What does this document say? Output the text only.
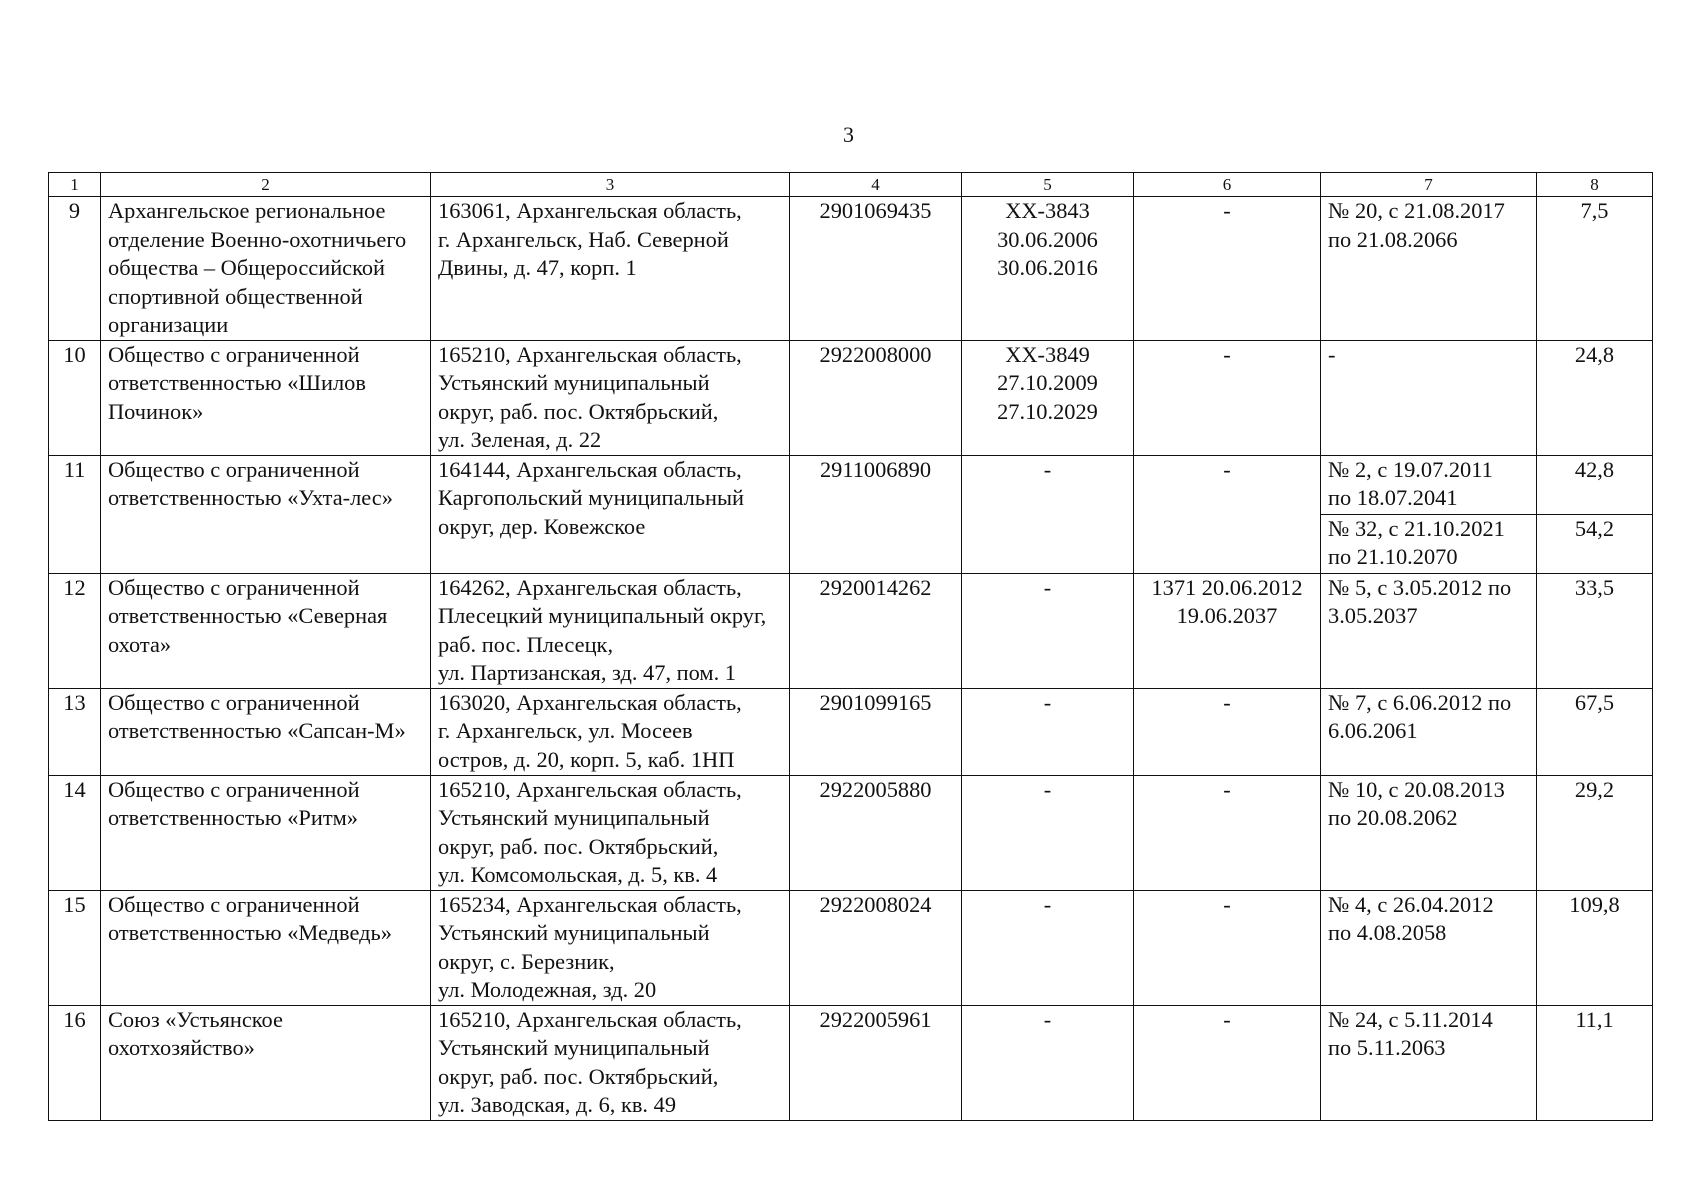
3
1	2	3	4	5	6	7	8
9	Архангельское региональное
отделение Военно-охотничьего
общества – Общероссийской
спортивной общественной
организации	163061, Архангельская область,
г. Архангельск, Наб. Северной
Двины, д. 47, корп. 1	2901069435	ХХ-3843
30.06.2006
30.06.2016	-	№ 20, с 21.08.2017
по 21.08.2066	7,5
10	Общество с ограниченной
ответственностью «Шилов
Починок»	165210, Архангельская область,
Устьянский муниципальный
округ, раб. пос. Октябрьский,
ул. Зеленая, д. 22	2922008000	ХХ-3849
27.10.2009
27.10.2029	-	-	24,8
11	Общество с ограниченной
ответственностью «Ухта-лес»	164144, Архангельская область,
Каргопольский муниципальный
округ, дер. Ковежское	2911006890	-	-	№ 2, с 19.07.2011
по 18.07.2041	42,8
						№ 32, с 21.10.2021
по 21.10.2070	54,2
12	Общество с ограниченной
ответственностью «Северная
охота»	164262, Архангельская область,
Плесецкий муниципальный округ,
раб. пос. Плесецк,
ул. Партизанская, зд. 47, пом. 1	2920014262	-	1371 20.06.2012
19.06.2037	№ 5, с 3.05.2012 по
3.05.2037	33,5
13	Общество с ограниченной
ответственностью «Сапсан-М»	163020, Архангельская область,
г. Архангельск, ул. Мосеев
остров, д. 20, корп. 5, каб. 1НП	2901099165	-	-	№ 7, с 6.06.2012 по
6.06.2061	67,5
14	Общество с ограниченной
ответственностью «Ритм»	165210, Архангельская область,
Устьянский муниципальный
округ, раб. пос. Октябрьский,
ул. Комсомольская, д. 5, кв. 4	2922005880	-	-	№ 10, с 20.08.2013
по 20.08.2062	29,2
15	Общество с ограниченной
ответственностью «Медведь»	165234, Архангельская область,
Устьянский муниципальный
округ, с. Березник,
ул. Молодежная, зд. 20	2922008024	-	-	№ 4, с 26.04.2012
по 4.08.2058	109,8
16	Союз «Устьянское
охотхозяйство»	165210, Архангельская область,
Устьянский муниципальный
округ, раб. пос. Октябрьский,
ул. Заводская, д. 6, кв. 49	2922005961	-	-	№ 24, с 5.11.2014
по 5.11.2063	11,1
